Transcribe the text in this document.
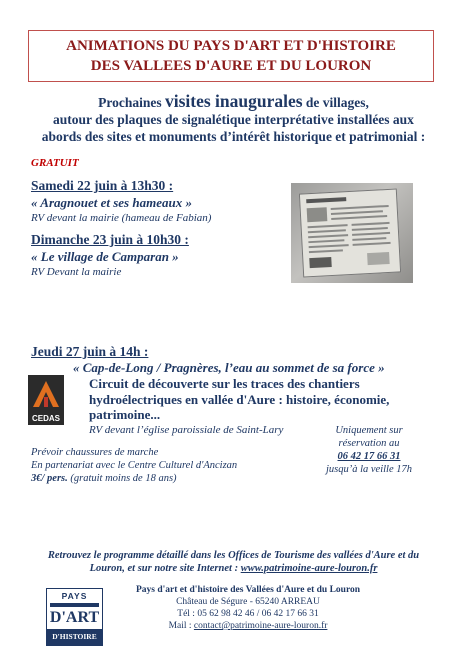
ANIMATIONS DU PAYS D'ART ET D'HISTOIRE
DES VALLEES D'AURE ET DU LOURON
Prochaines visites inaugurales de villages,
autour des plaques de signalétique interprétative installées aux
abords des sites et monuments d’intérêt historique et patrimonial :
GRATUIT
Samedi 22 juin à 13h30 :
« Aragnouet et ses hameaux »
RV devant la mairie (hameau de Fabian)
Dimanche 23 juin à 10h30 :
« Le village de Camparan »
RV Devant la mairie
Jeudi 27 juin à 14h :
« Cap-de-Long / Pragnères, l’eau au sommet de sa force »
CEDAS
Circuit de découverte sur les traces des chantiers
hydroélectriques en vallée d'Aure : histoire, économie,
patrimoine...
RV devant l’église paroissiale de Saint-Lary	Uniquement sur
réservation au
06 42 17 66 31
jusqu’à la veille 17h
Prévoir chaussures de marche
En partenariat avec le Centre Culturel d'Ancizan
3€/ pers. (gratuit moins de 18 ans)
Retrouvez le programme détaillé dans les Offices de Tourisme des vallées d'Aure et du
Louron, et sur notre site Internet : www.patrimoine-aure-louron.fr
PAYS
D'ART
D'HISTOIRE
Pays d'art et d'histoire des Vallées d'Aure et du Louron
Château de Ségure - 65240 ARREAU
Tél : 05 62 98 42 46 / 06 42 17 66 31
Mail : contact@patrimoine-aure-louron.fr
